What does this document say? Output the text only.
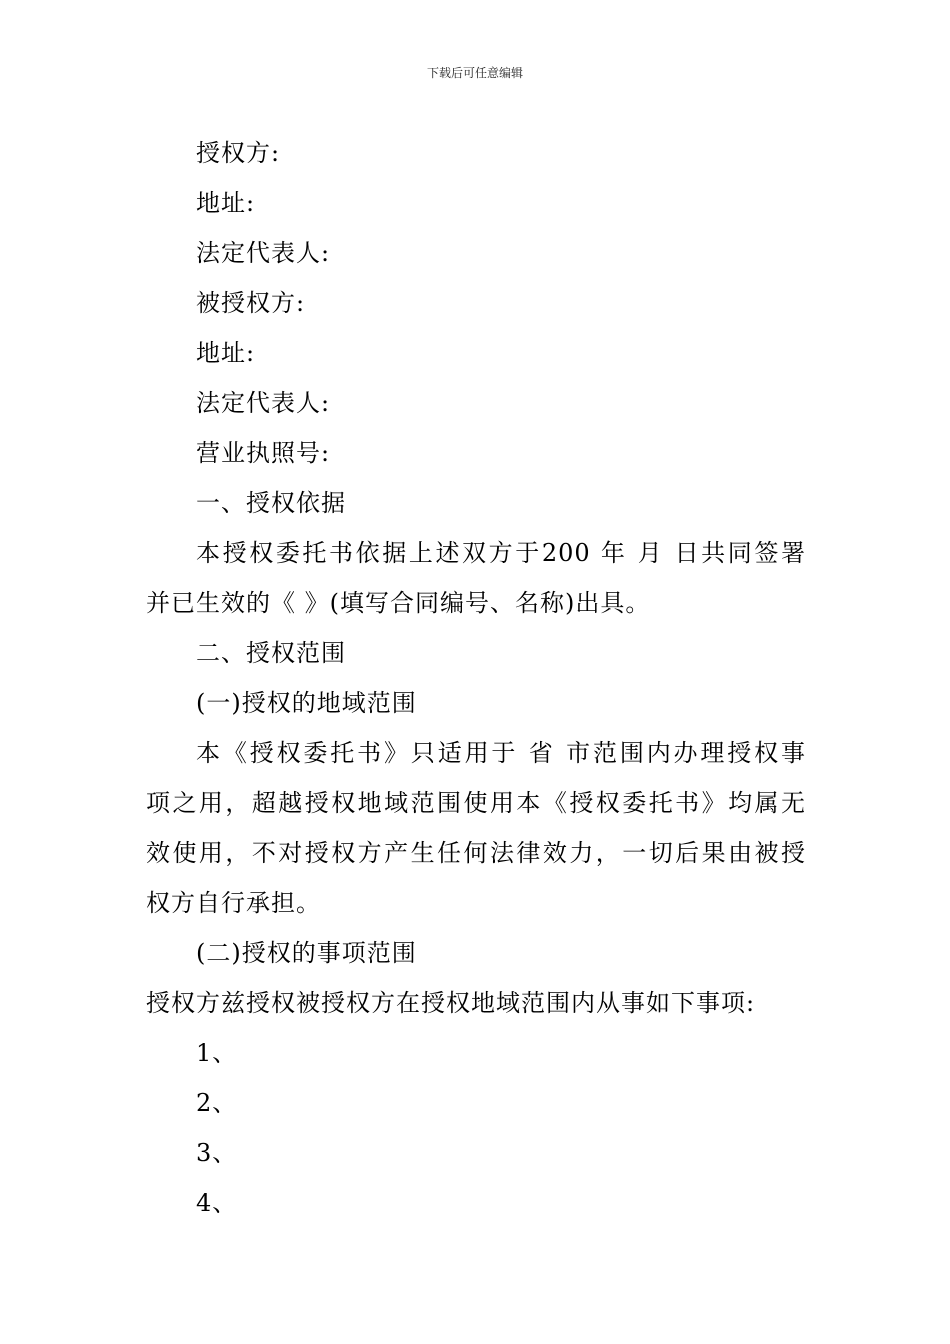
下载后可任意编辑

授权方:

地址:

法定代表人:

被授权方:

地址:

法定代表人:

营业执照号:

一、授权依据

本授权委托书依据上述双方于200 年 月 日共同签署

并已生效的《 》(填写合同编号、名称)出具。

二、授权范围

(一)授权的地域范围

本《授权委托书》只适用于 省 市范围内办理授权事

项之用，超越授权地域范围使用本《授权委托书》均属无

效使用，不对授权方产生任何法律效力，一切后果由被授

权方自行承担。

(二)授权的事项范围

授权方兹授权被授权方在授权地域范围内从事如下事项:

1、

2、

3、

4、
